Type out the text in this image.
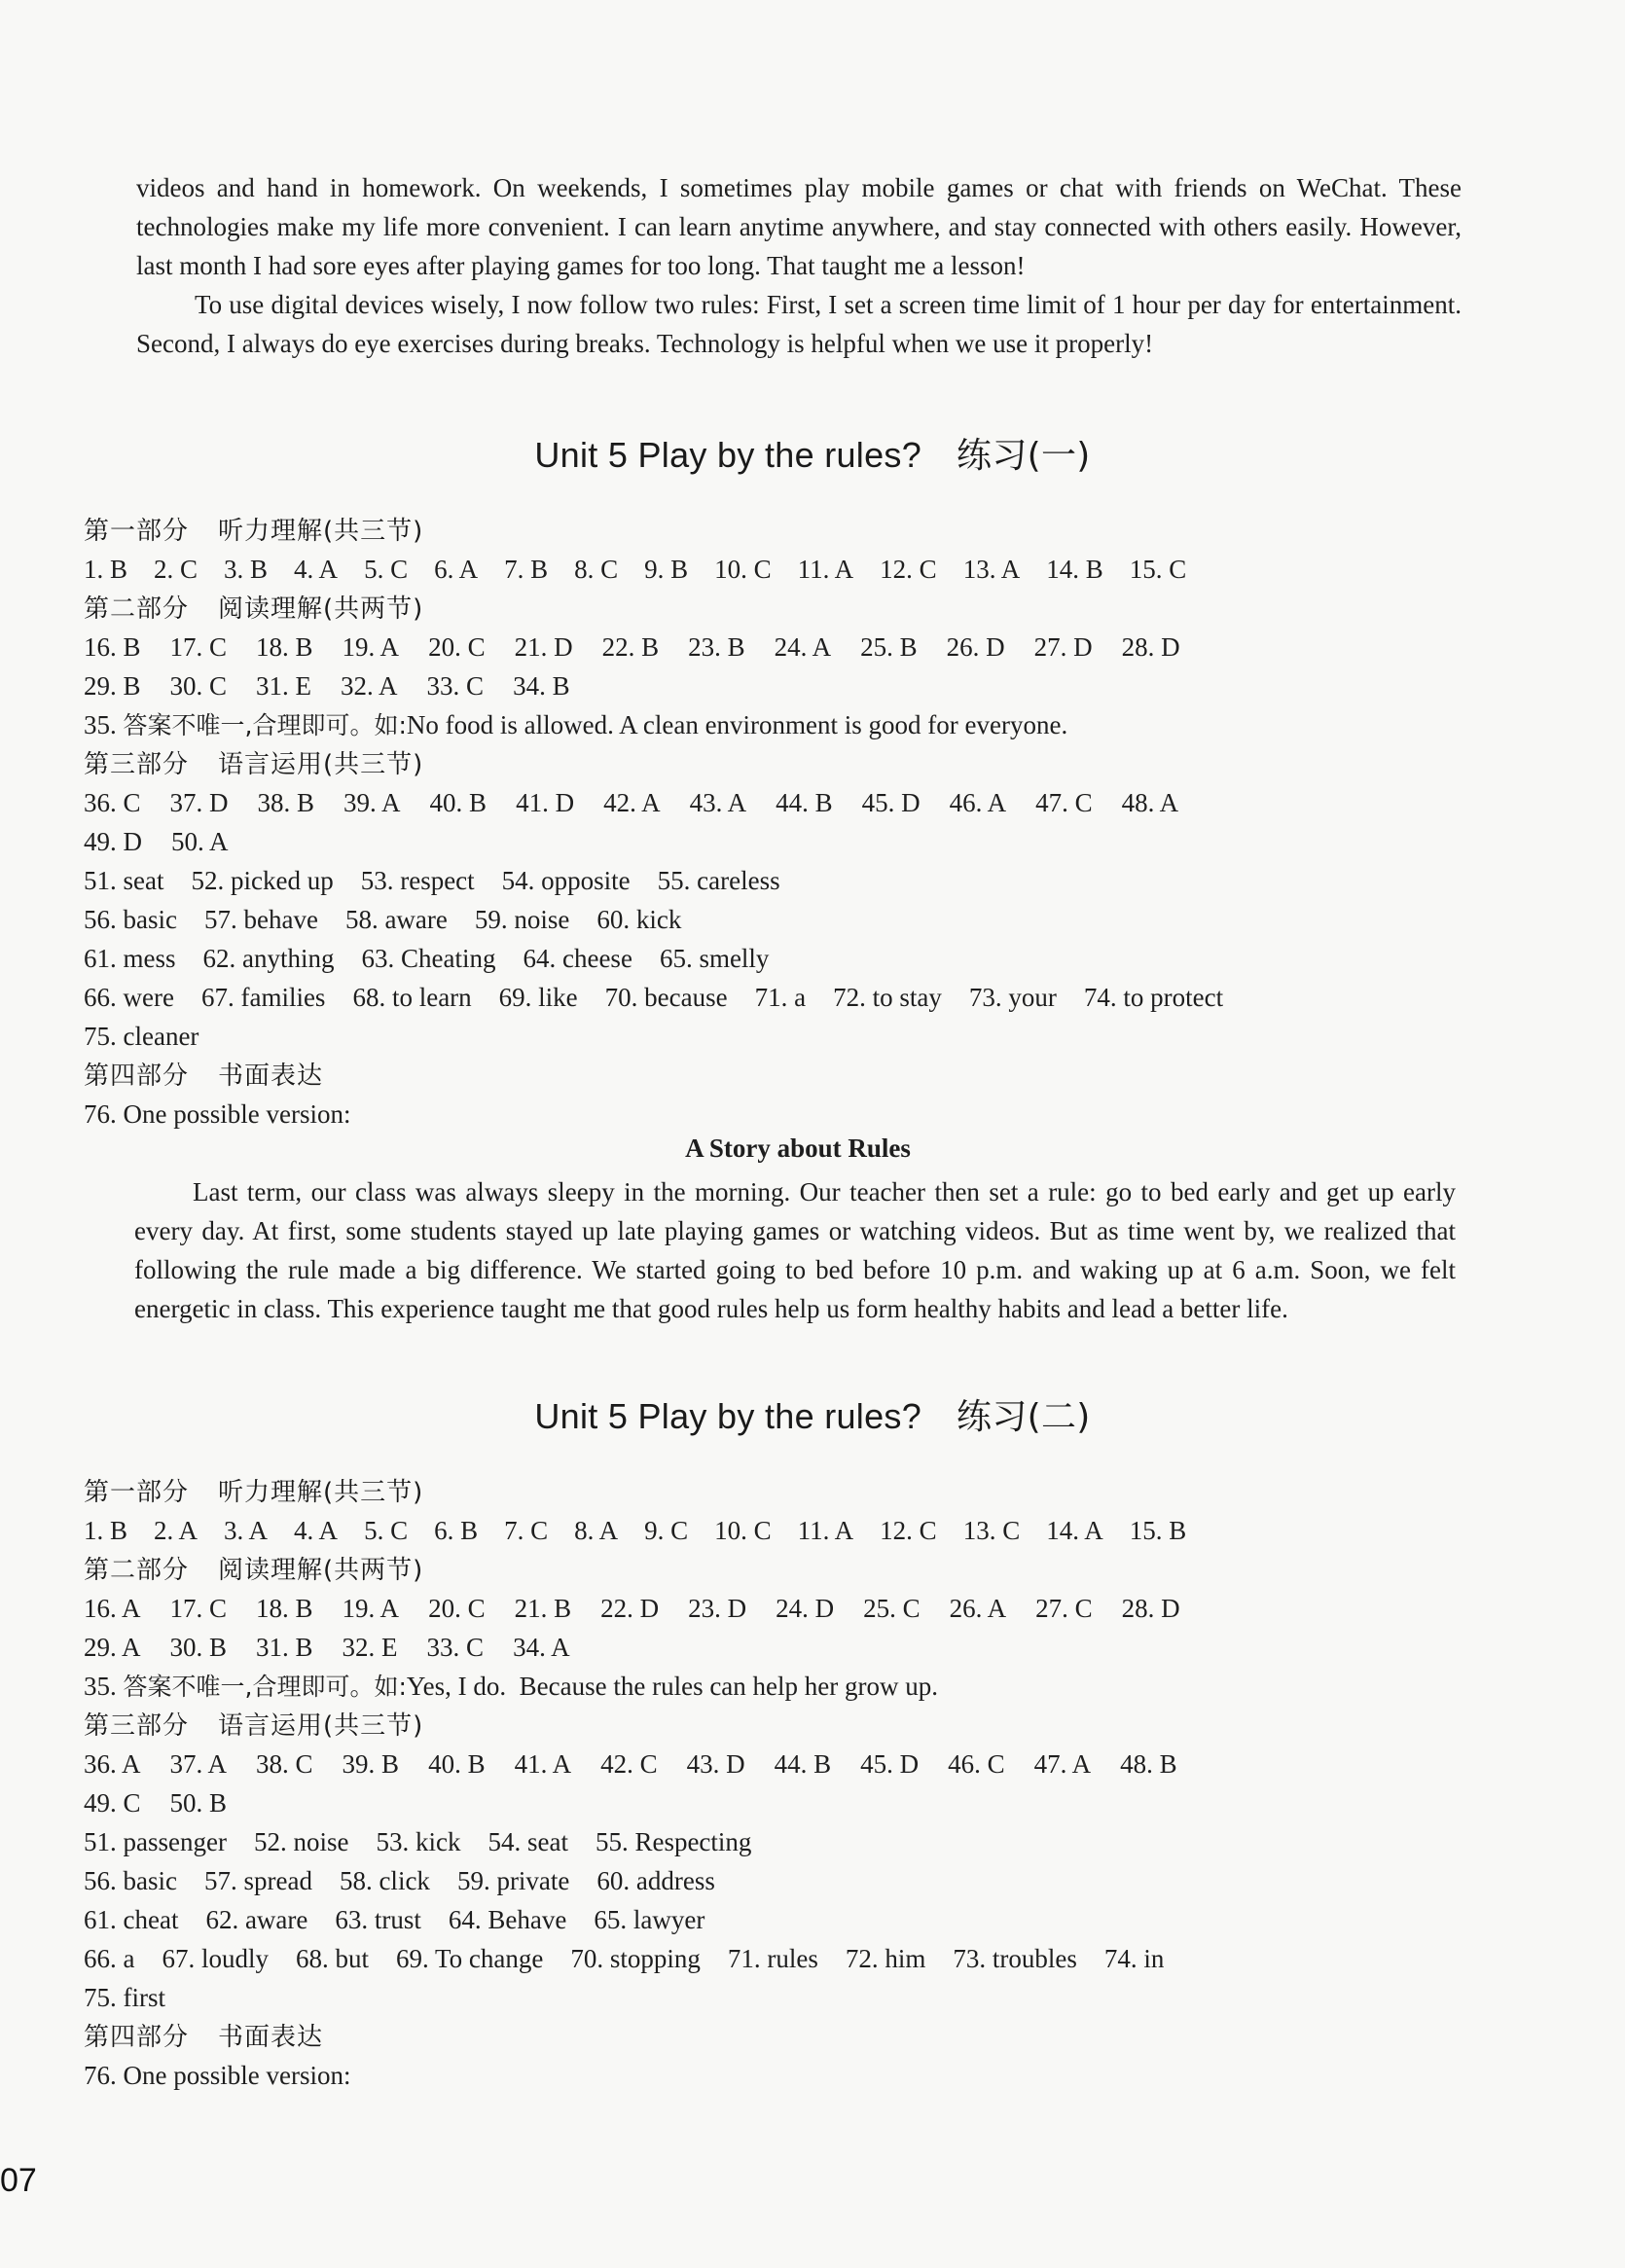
videos and hand in homework. On weekends, I sometimes play mobile games or chat with friends on WeChat. These technologies make my life more convenient. I can learn anytime anywhere, and stay connected with others easily. However, last month I had sore eyes after playing games for too long. That taught me a lesson!

To use digital devices wisely, I now follow two rules: First, I set a screen time limit of 1 hour per day for entertainment. Second, I always do eye exercises during breaks. Technology is helpful when we use it properly!

Unit 5 Play by the rules? 练习(一)
第一部分 听力理解(共三节)
1. B 2. C 3. B 4. A 5. C 6. A 7. B 8. C 9. B 10. C 11. A 12. C 13. A 14. B 15. C
第二部分 阅读理解(共两节)
16. B 17. C 18. B 19. A 20. C 21. D 22. B 23. B 24. A 25. B 26. D 27. D 28. D
29. B 30. C 31. E 32. A 33. C 34. B
35. 答案不唯一,合理即可。如:No food is allowed. A clean environment is good for everyone.
第三部分 语言运用(共三节)
36. C 37. D 38. B 39. A 40. B 41. D 42. A 43. A 44. B 45. D 46. A 47. C 48. A
49. D 50. A
51. seat 52. picked up 53. respect 54. opposite 55. careless
56. basic 57. behave 58. aware 59. noise 60. kick
61. mess 62. anything 63. Cheating 64. cheese 65. smelly
66. were 67. families 68. to learn 69. like 70. because 71. a 72. to stay 73. your 74. to protect
75. cleaner
第四部分 书面表达
76. One possible version:
A Story about Rules

Last term, our class was always sleepy in the morning. Our teacher then set a rule: go to bed early and get up early every day. At first, some students stayed up late playing games or watching videos. But as time went by, we realized that following the rule made a big difference. We started going to bed before 10 p.m. and waking up at 6 a.m. Soon, we felt energetic in class. This experience taught me that good rules help us form healthy habits and lead a better life.

Unit 5 Play by the rules? 练习(二)
第一部分 听力理解(共三节)
1. B 2. A 3. A 4. A 5. C 6. B 7. C 8. A 9. C 10. C 11. A 12. C 13. C 14. A 15. B
第二部分 阅读理解(共两节)
16. A 17. C 18. B 19. A 20. C 21. B 22. D 23. D 24. D 25. C 26. A 27. C 28. D
29. A 30. B 31. B 32. E 33. C 34. A
35. 答案不唯一,合理即可。如:Yes, I do.  Because the rules can help her grow up.
第三部分 语言运用(共三节)
36. A 37. A 38. C 39. B 40. B 41. A 42. C 43. D 44. B 45. D 46. C 47. A 48. B
49. C 50. B
51. passenger 52. noise 53. kick 54. seat 55. Respecting
56. basic 57. spread 58. click 59. private 60. address
61. cheat 62. aware 63. trust 64. Behave 65. lawyer
66. a 67. loudly 68. but 69. To change 70. stopping 71. rules 72. him 73. troubles 74. in
75. first
第四部分 书面表达
76. One possible version:
07
